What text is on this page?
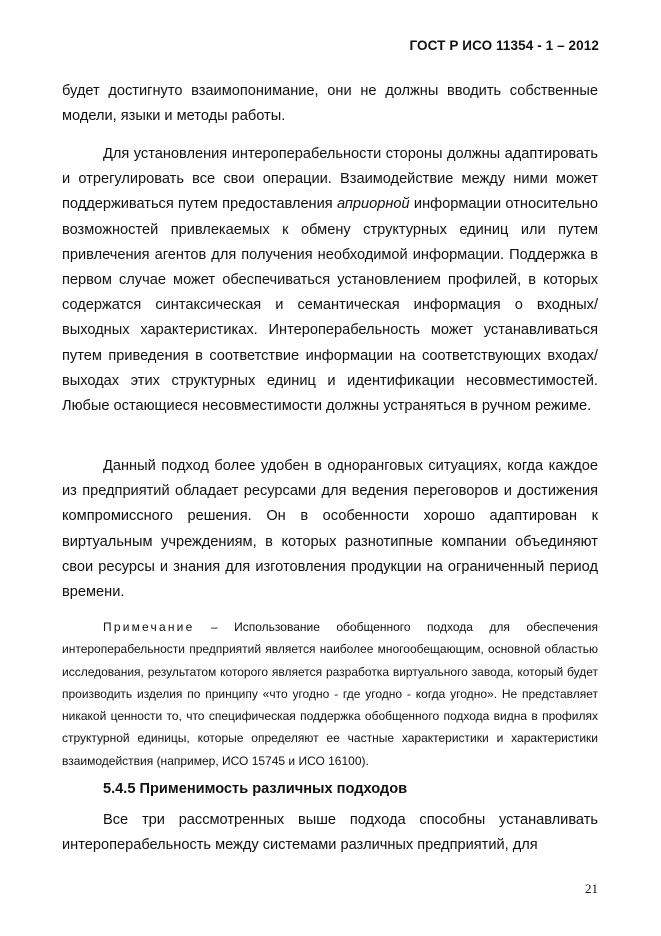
ГОСТ Р ИСО 11354 - 1 – 2012

будет достигнуто взаимопонимание, они не должны вводить собственные модели, языки и методы работы.

Для установления интероперабельности стороны должны адаптировать и отрегулировать все свои операции. Взаимодействие между ними может поддерживаться путем предоставления априорной информации относительно возможностей привлекаемых к обмену структурных единиц или путем привлечения агентов для получения необходимой информации. Поддержка в первом случае может обеспечиваться установлением профилей, в которых содержатся синтаксическая и семантическая информация о входных/выходных характеристиках. Интероперабельность может устанавливаться путем приведения в соответствие информации на соответствующих входах/выходах этих структурных единиц и идентификации несовместимостей. Любые остающиеся несовместимости должны устраняться в ручном режиме.

Данный подход более удобен в одноранговых ситуациях, когда каждое из предприятий обладает ресурсами для ведения переговоров и достижения компромиссного решения. Он в особенности хорошо адаптирован к виртуальным учреждениям, в которых разнотипные компании объединяют свои ресурсы и знания для изготовления продукции на ограниченный период времени.

Примечание – Использование обобщенного подхода для обеспечения интероперабельности предприятий является наиболее многообещающим, основной областью исследования, результатом которого является разработка виртуального завода, который будет производить изделия по принципу «что угодно - где угодно - когда угодно». Не представляет никакой ценности то, что специфическая поддержка обобщенного подхода видна в профилях структурной единицы, которые определяют ее частные характеристики и характеристики взаимодействия (например, ИСО 15745 и ИСО 16100).

5.4.5 Применимость различных подходов

Все три рассмотренных выше подхода способны устанавливать интероперабельность между системами различных предприятий, для

21
